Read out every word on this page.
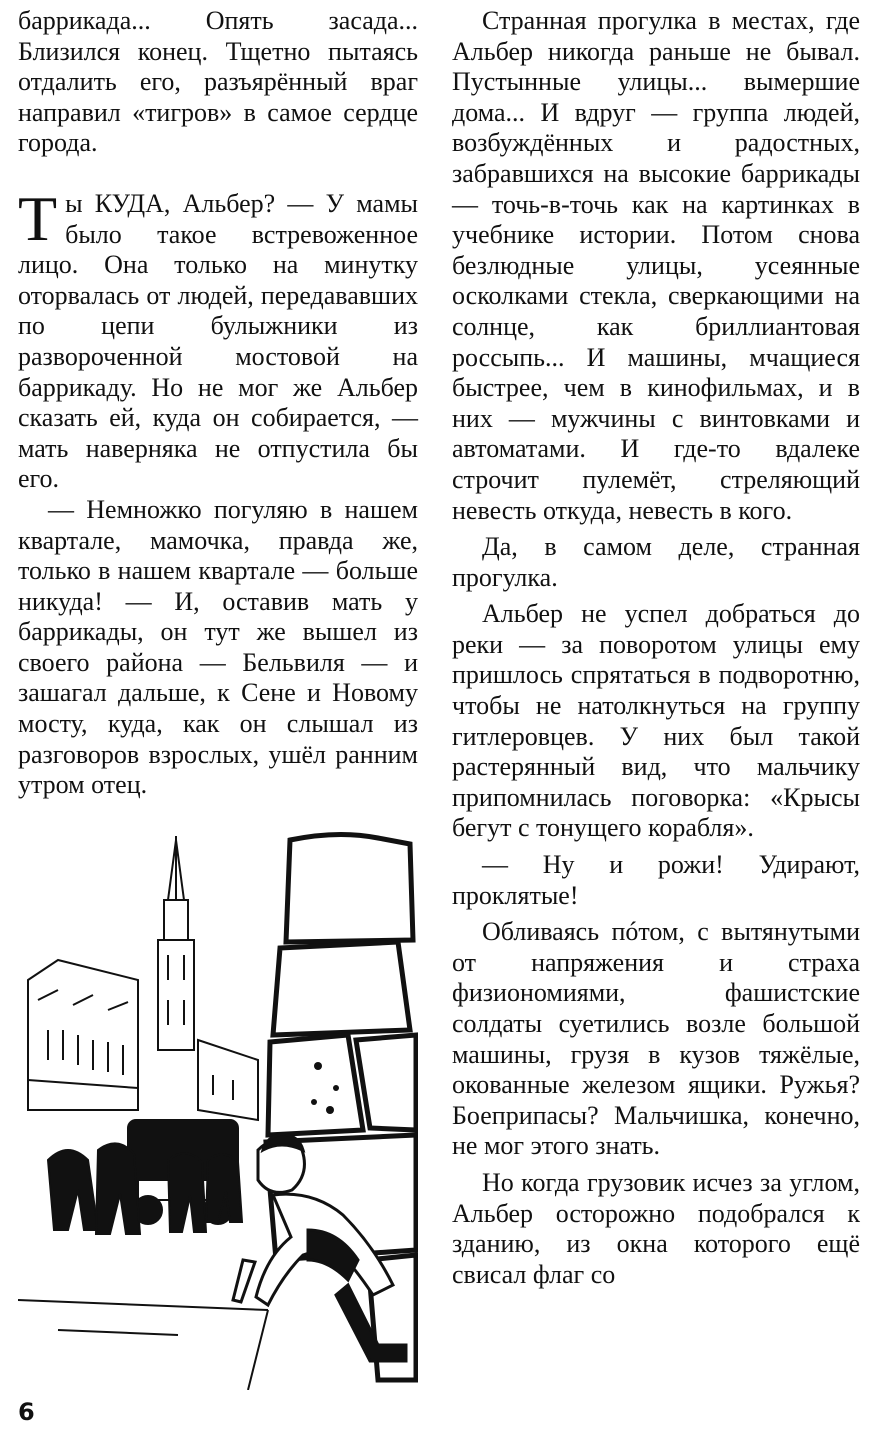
баррикада... Опять засада... Близился конец. Тщетно пытаясь отдалить его, разъярённый враг направил «тигров» в самое сердце города.

Ты КУДА, Альбер? — У мамы было такое встревоженное лицо. Она только на минутку оторвалась от людей, передававших по цепи булыжники из развороченной мостовой на баррикаду. Но не мог же Альбер сказать ей, куда он собирается, — мать наверняка не отпустила бы его.

— Немножко погуляю в нашем квартале, мамочка, правда же, только в нашем квартале — больше никуда! — И, оставив мать у баррикады, он тут же вышел из своего района — Бельвиля — и зашагал дальше, к Сене и Новому мосту, куда, как он слышал из разговоров взрослых, ушёл ранним утром отец.

Странная прогулка в местах, где Альбер никогда раньше не бывал. Пустынные улицы... вымершие дома... И вдруг — группа людей, возбуждённых и радостных, забравшихся на высокие баррикады — точь-в-точь как на картинках в учебнике истории. Потом снова безлюдные улицы, усеянные осколками стекла, сверкающими на солнце, как бриллиантовая россыпь... И машины, мчащиеся быстрее, чем в кинофильмах, и в них — мужчины с винтовками и автоматами. И где-то вдалеке строчит пулемёт, стреляющий невесть откуда, невесть в кого.

Да, в самом деле, странная прогулка.

Альбер не успел добраться до реки — за поворотом улицы ему пришлось спрятаться в подворотню, чтобы не натолкнуться на группу гитлеровцев. У них был такой растерянный вид, что мальчику припомнилась поговорка: «Крысы бегут с тонущего корабля».

— Ну и рожи! Удирают, проклятые!

Обливаясь пóтом, с вытянутыми от напряжения и страха физиономиями, фашистские солдаты суетились возле большой машины, грузя в кузов тяжёлые, окованные железом ящики. Ружья? Боеприпасы? Мальчишка, конечно, не мог этого знать.

Но когда грузовик исчез за углом, Альбер осторожно подобрался к зданию, из окна которого ещё свисал флаг со

6
